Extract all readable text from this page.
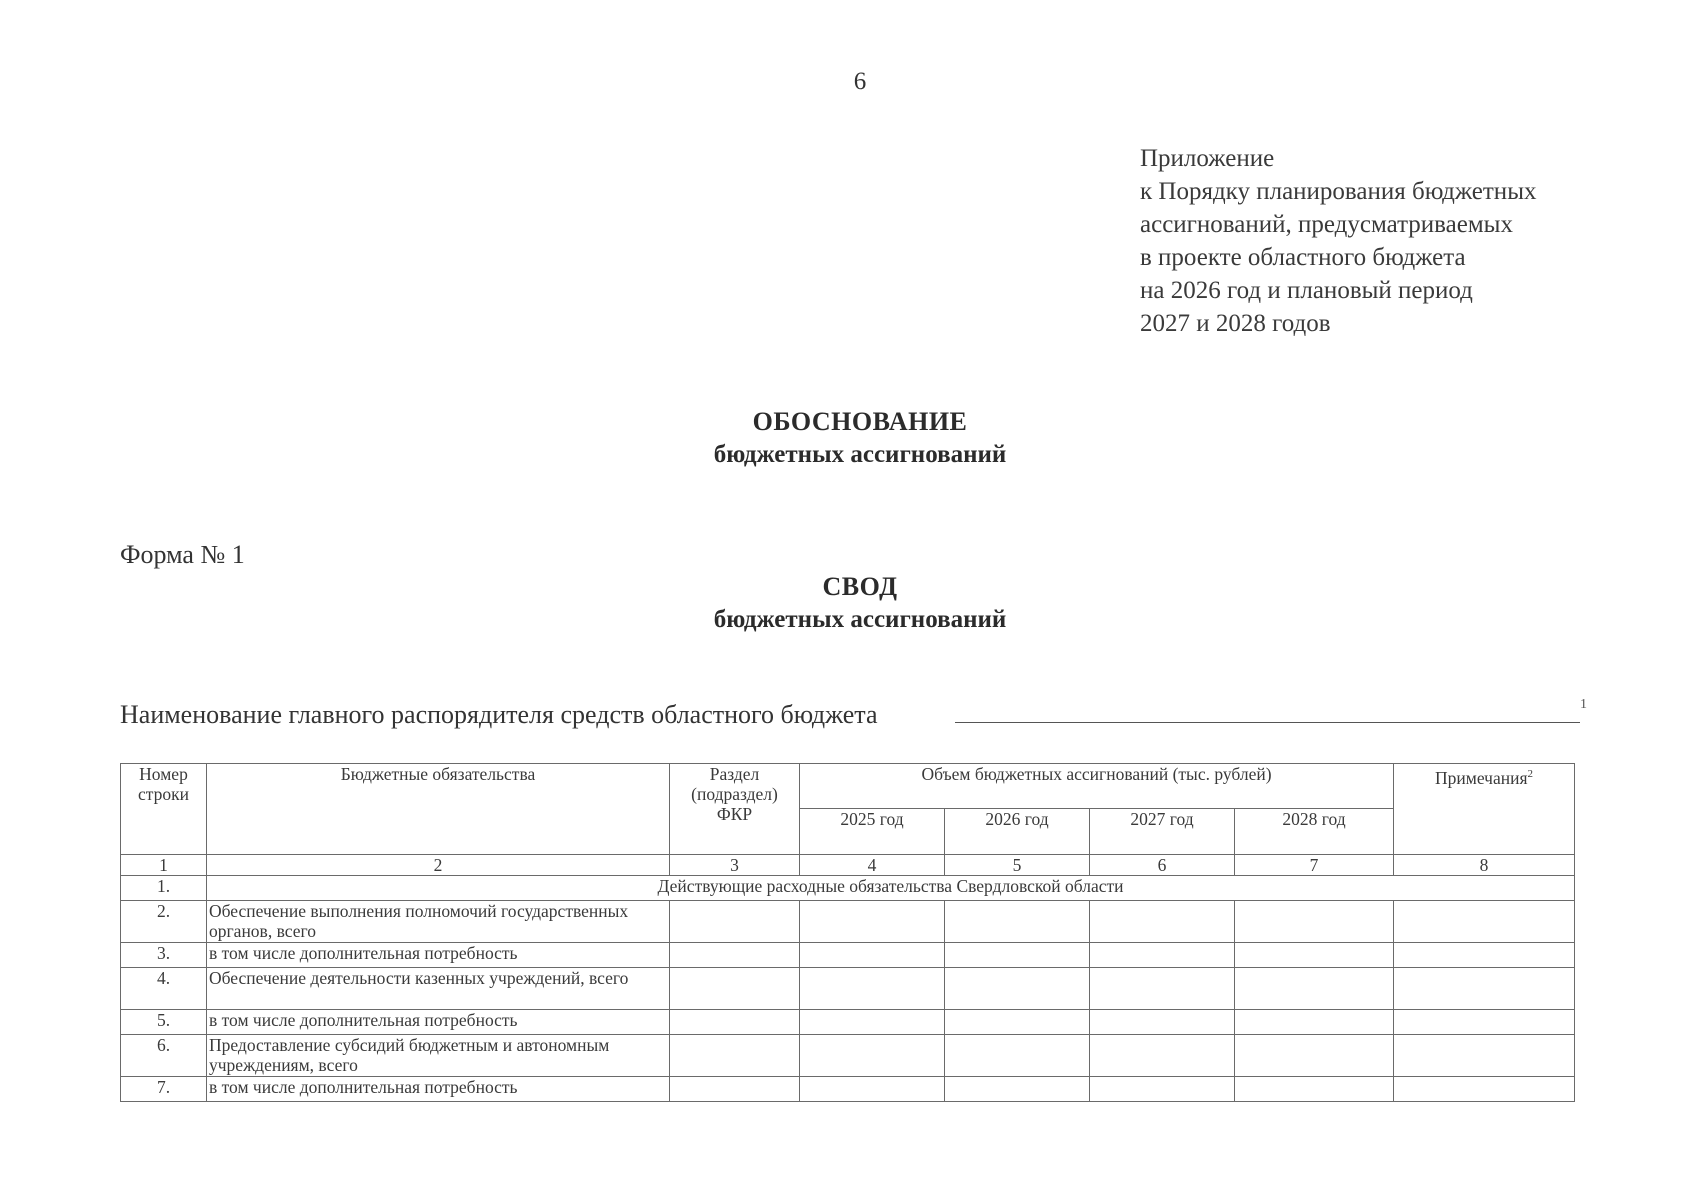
6
Приложение
к Порядку планирования бюджетных
ассигнований, предусматриваемых
в проекте областного бюджета
на 2026 год и плановый период
2027 и 2028 годов
ОБОСНОВАНИЕ
бюджетных ассигнований
Форма № 1
СВОД
бюджетных ассигнований
Наименование главного распорядителя средств областного бюджета	1
Номер строки	Бюджетные обязательства	Раздел (подраздел) ФКР	Объем бюджетных ассигнований (тыс. рублей)				Примечания$^2$
			2025 год	2026 год	2027 год	2028 год	
1	2	3	4	5	6	7	8
1.	Действующие расходные обязательства Свердловской области						
2.	Обеспечение выполнения полномочий государственных органов, всего						
3.	в том числе дополнительная потребность						
4.	Обеспечение деятельности казенных учреждений, всего						
5.	в том числе дополнительная потребность						
6.	Предоставление субсидий бюджетным и автономным учреждениям, всего						
7.	в том числе дополнительная потребность						
